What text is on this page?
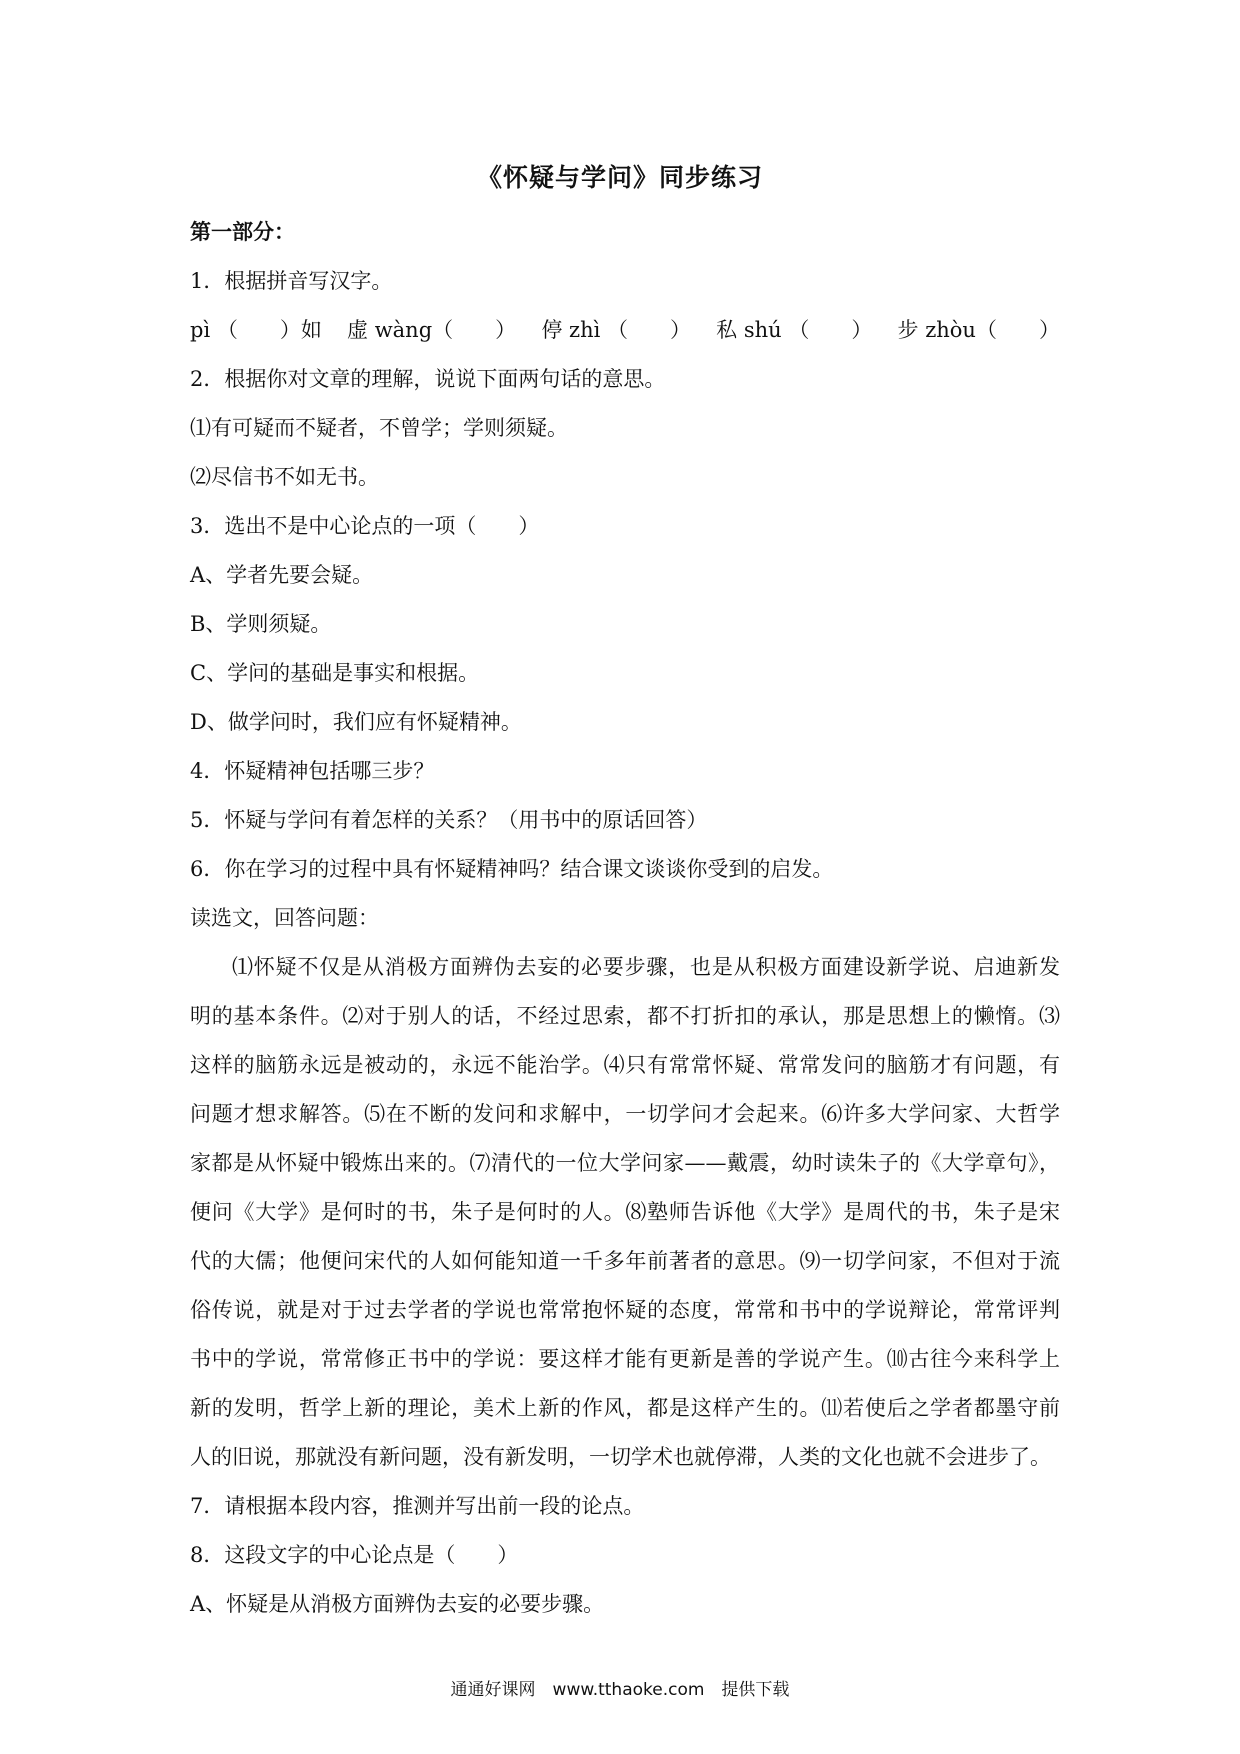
《怀疑与学问》同步练习
第一部分：
1．根据拼音写汉字。
pì （　　）如 虚 wàng（　　） 停 zhì （　　） 私 shú （　　） 步 zhòu（　　）
2．根据你对文章的理解，说说下面两句话的意思。
⑴有可疑而不疑者，不曾学；学则须疑。
⑵尽信书不如无书。
3．选出不是中心论点的一项（　　）
A、学者先要会疑。
B、学则须疑。
C、学问的基础是事实和根据。
D、做学问时，我们应有怀疑精神。
4．怀疑精神包括哪三步？
5．怀疑与学问有着怎样的关系？（用书中的原话回答）
6．你在学习的过程中具有怀疑精神吗？结合课文谈谈你受到的启发。
读选文，回答问题：
⑴怀疑不仅是从消极方面辨伪去妄的必要步骤，也是从积极方面建设新学说、启迪新发
明的基本条件。⑵对于别人的话，不经过思索，都不打折扣的承认，那是思想上的懒惰。⑶
这样的脑筋永远是被动的，永远不能治学。⑷只有常常怀疑、常常发问的脑筋才有问题，有
问题才想求解答。⑸在不断的发问和求解中，一切学问才会起来。⑹许多大学问家、大哲学
家都是从怀疑中锻炼出来的。⑺清代的一位大学问家——戴震，幼时读朱子的《大学章句》，
便问《大学》是何时的书，朱子是何时的人。⑻塾师告诉他《大学》是周代的书，朱子是宋
代的大儒；他便问宋代的人如何能知道一千多年前著者的意思。⑼一切学问家，不但对于流
俗传说，就是对于过去学者的学说也常常抱怀疑的态度，常常和书中的学说辩论，常常评判
书中的学说，常常修正书中的学说：要这样才能有更新是善的学说产生。⑽古往今来科学上
新的发明，哲学上新的理论，美术上新的作风，都是这样产生的。⑾若使后之学者都墨守前
人的旧说，那就没有新问题，没有新发明，一切学术也就停滞，人类的文化也就不会进步了。
7．请根据本段内容，推测并写出前一段的论点。
8．这段文字的中心论点是（　　）
A、怀疑是从消极方面辨伪去妄的必要步骤。
通通好课网　www.tthaoke.com　提供下载
